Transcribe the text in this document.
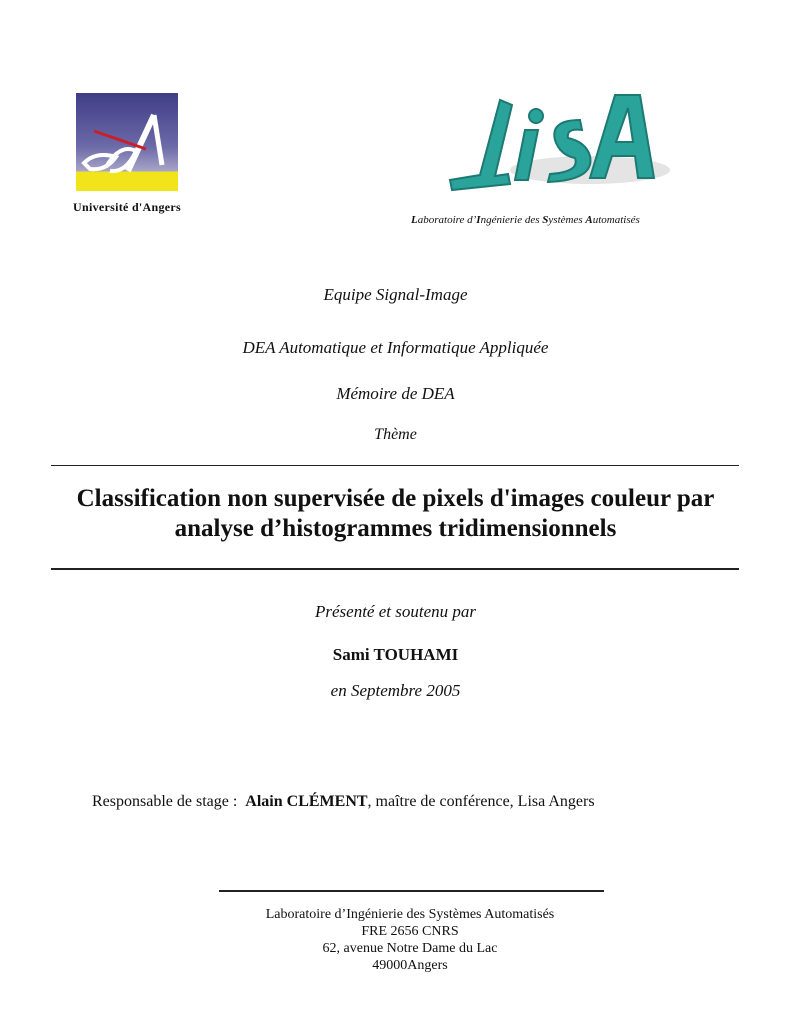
Université d'Angers
Laboratoire d’Ingénierie des Systèmes Automatisés
Equipe Signal-Image
DEA Automatique et Informatique Appliquée
Mémoire de DEA
Thème
Classification non supervisée de pixels d'images couleur par
analyse d’histogrammes tridimensionnels
Présenté et soutenu par
Sami TOUHAMI
en Septembre 2005
Responsable de stage : Alain CLÉMENT, maître de conférence, Lisa Angers
Laboratoire d’Ingénierie des Systèmes Automatisés
FRE 2656 CNRS
62, avenue Notre Dame du Lac
49000Angers
